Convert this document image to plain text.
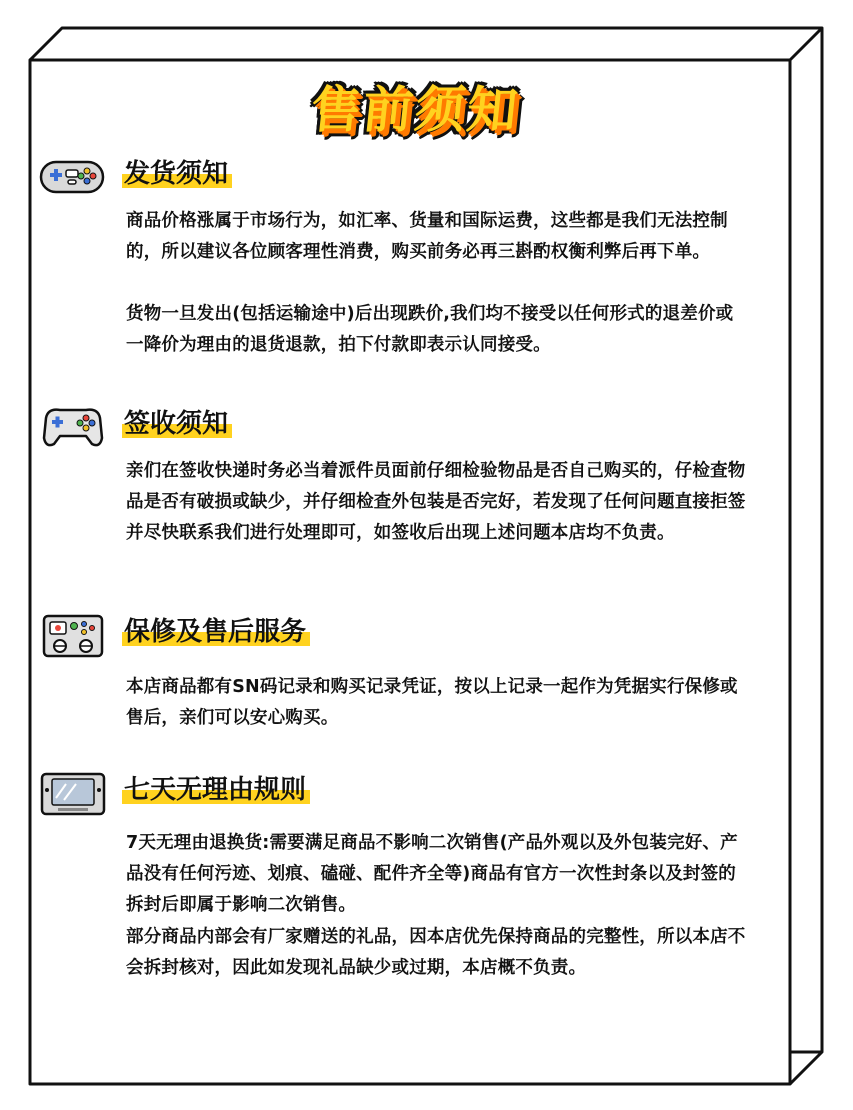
售前须知
发货须知
商品价格涨属于市场行为，如汇率、货量和国际运费，这些都是我们无法控制的，所以建议各位顾客理性消费，购买前务必再三斟酌权衡利弊后再下单。
货物一旦发出(包括运输途中)后出现跌价,我们均不接受以任何形式的退差价或一降价为理由的退货退款，拍下付款即表示认同接受。
签收须知
亲们在签收快递时务必当着派件员面前仔细检验物品是否自己购买的，仔检查物品是否有破损或缺少，并仔细检查外包装是否完好，若发现了任何问题直接拒签并尽快联系我们进行处理即可，如签收后出现上述问题本店均不负责。
保修及售后服务
本店商品都有SN码记录和购买记录凭证，按以上记录一起作为凭据实行保修或售后，亲们可以安心购买。
七天无理由规则
7天无理由退换货:需要满足商品不影响二次销售(产品外观以及外包装完好、产品没有任何污迹、划痕、磕碰、配件齐全等)商品有官方一次性封条以及封签的拆封后即属于影响二次销售。
部分商品内部会有厂家赠送的礼品，因本店优先保持商品的完整性，所以本店不会拆封核对，因此如发现礼品缺少或过期，本店概不负责。
